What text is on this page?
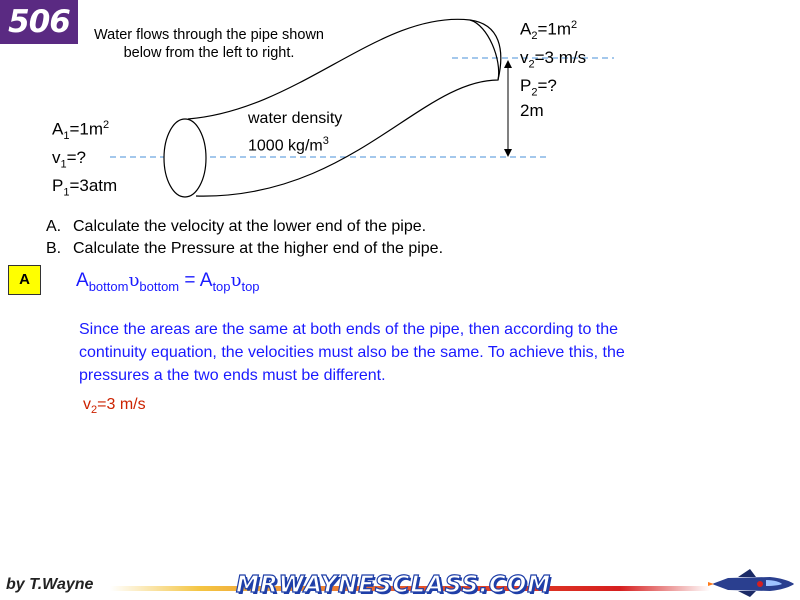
506	Water flows through the pipe shown
below from the left to right.
$A_2=1m^2$
$v_2=3$ m/s
$P_2=$?
$A_1=1m^2$
$v_1=$?
$P_1=3atm$
water density
1000 $kg/m^3$
2m
A. Calculate the velocity at the lower end of the pipe.
B. Calculate the Pressure at the higher end of the pipe.
A	$A_{bottom}\upsilon_{bottom} = A_{top}\upsilon_{top}$
Since the areas are the same at both ends of the pipe, then according to the
continuity equation, the velocities must also be the same. To achieve this, the
pressures a the two ends must be different.
$v_2=3$ m/s
by T.Wayne	MRWAYNESCLASS.COM
